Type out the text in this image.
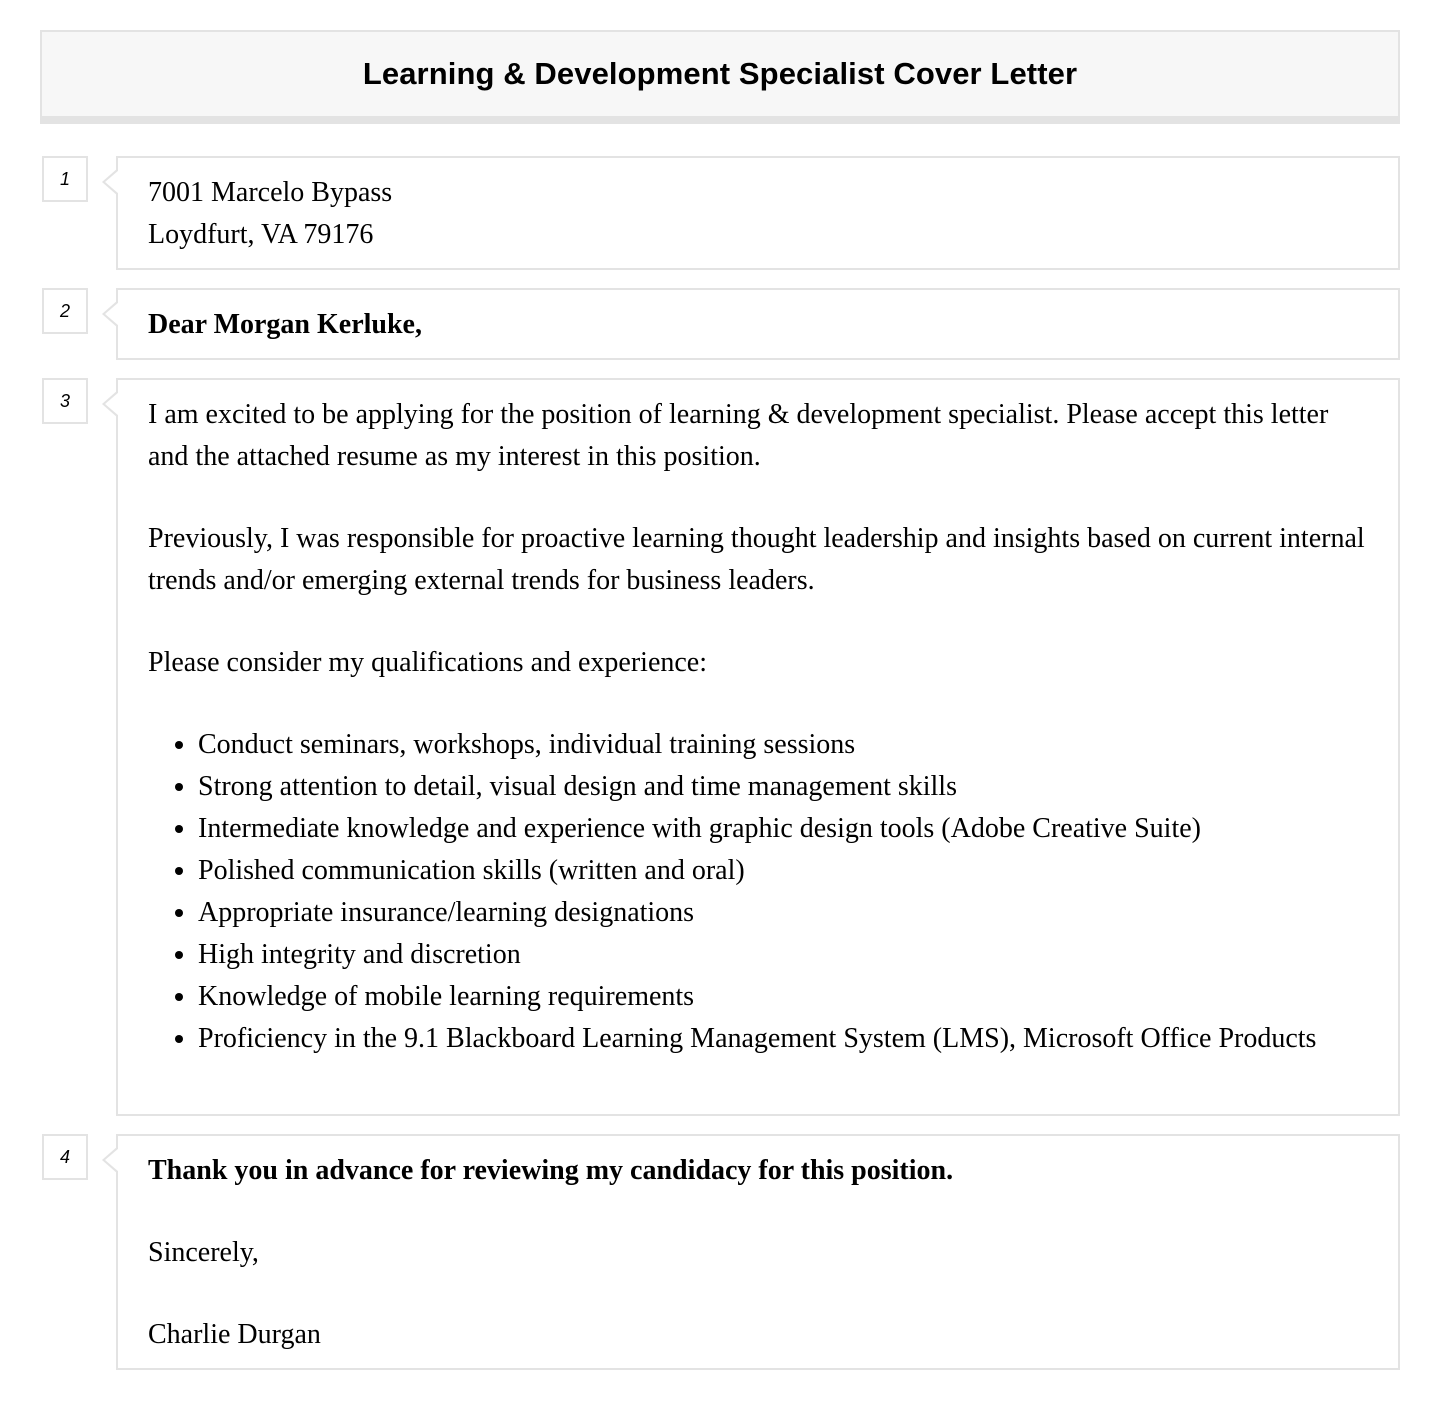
Learning & Development Specialist Cover Letter
1	7001 Marcelo Bypass

Loydfurt, VA 79176

2	Dear Morgan Kerluke,

3	I am excited to be applying for the position of learning & development specialist. Please accept this letter and the attached resume as my interest in this position.

Previously, I was responsible for proactive learning thought leadership and insights based on current internal trends and/or emerging external trends for business leaders.

Please consider my qualifications and experience:

• Conduct seminars, workshops, individual training sessions
• Strong attention to detail, visual design and time management skills
• Intermediate knowledge and experience with graphic design tools (Adobe Creative Suite)
• Polished communication skills (written and oral)
• Appropriate insurance/learning designations
• High integrity and discretion
• Knowledge of mobile learning requirements
• Proficiency in the 9.1 Blackboard Learning Management System (LMS), Microsoft Office Products
4	Thank you in advance for reviewing my candidacy for this position.

Sincerely,

Charlie Durgan
